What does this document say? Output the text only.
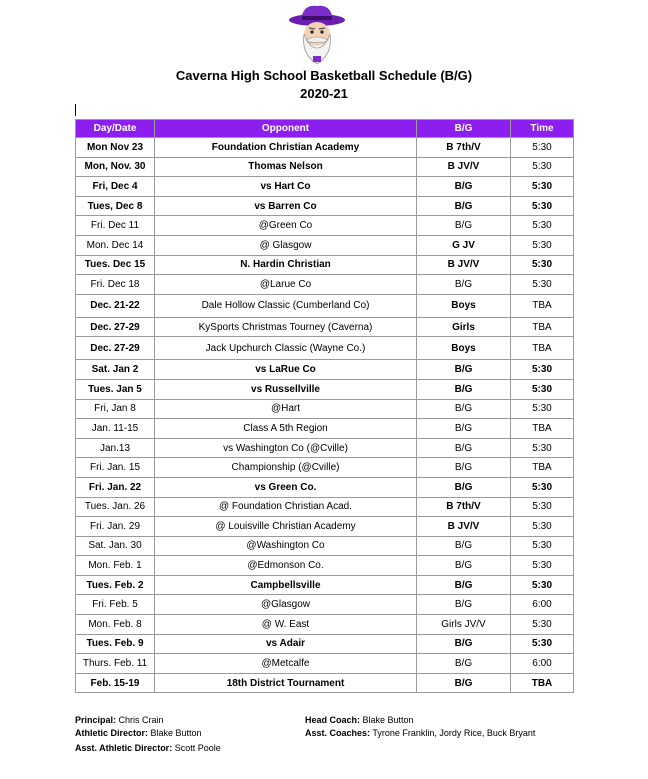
Caverna High School Basketball Schedule (B/G)
2020-21
Day/Date	Opponent	B/G	Time
Mon Nov 23	Foundation Christian Academy	B 7th/V	5:30
Mon, Nov. 30	Thomas Nelson	B JV/V	5:30
Fri, Dec 4	vs Hart Co	B/G	5:30
Tues, Dec 8	vs Barren Co	B/G	5:30
Fri. Dec 11	@Green Co	B/G	5:30
Mon. Dec 14	@ Glasgow	G JV	5:30
Tues. Dec 15	N. Hardin Christian	B JV/V	5:30
Fri. Dec 18	@Larue Co	B/G	5:30
Dec. 21-22	Dale Hollow Classic (Cumberland Co)	Boys	TBA
Dec. 27-29	KySports Christmas Tourney (Caverna)	Girls	TBA
Dec. 27-29	Jack Upchurch Classic (Wayne Co.)	Boys	TBA
Sat. Jan 2	vs LaRue Co	B/G	5:30
Tues. Jan 5	vs Russellville	B/G	5:30
Fri, Jan 8	@Hart	B/G	5:30
Jan. 11-15	Class A 5th Region	B/G	TBA
Jan.13	vs Washington Co (@Cville)	B/G	5:30
Fri. Jan. 15	Championship (@Cville)	B/G	TBA
Fri. Jan. 22	vs Green Co.	B/G	5:30
Tues. Jan. 26	@ Foundation Christian Acad.	B 7th/V	5:30
Fri. Jan. 29	@ Louisville Christian Academy	B JV/V	5:30
Sat. Jan. 30	@Washington Co	B/G	5:30
Mon. Feb. 1	@Edmonson Co.	B/G	5:30
Tues. Feb. 2	Campbellsville	B/G	5:30
Fri. Feb. 5	@Glasgow	B/G	6:00
Mon. Feb. 8	@ W. East	Girls JV/V	5:30
Tues. Feb. 9	vs Adair	B/G	5:30
Thurs. Feb. 11	@Metcalfe	B/G	6:00
Feb. 15-19	18th District Tournament	B/G	TBA
Principal: Chris Crain
Athletic Director: Blake Button
Asst. Athletic Director: Scott Poole
Head Coach: Blake Button
Asst. Coaches: Tyrone Franklin, Jordy Rice, Buck Bryant
